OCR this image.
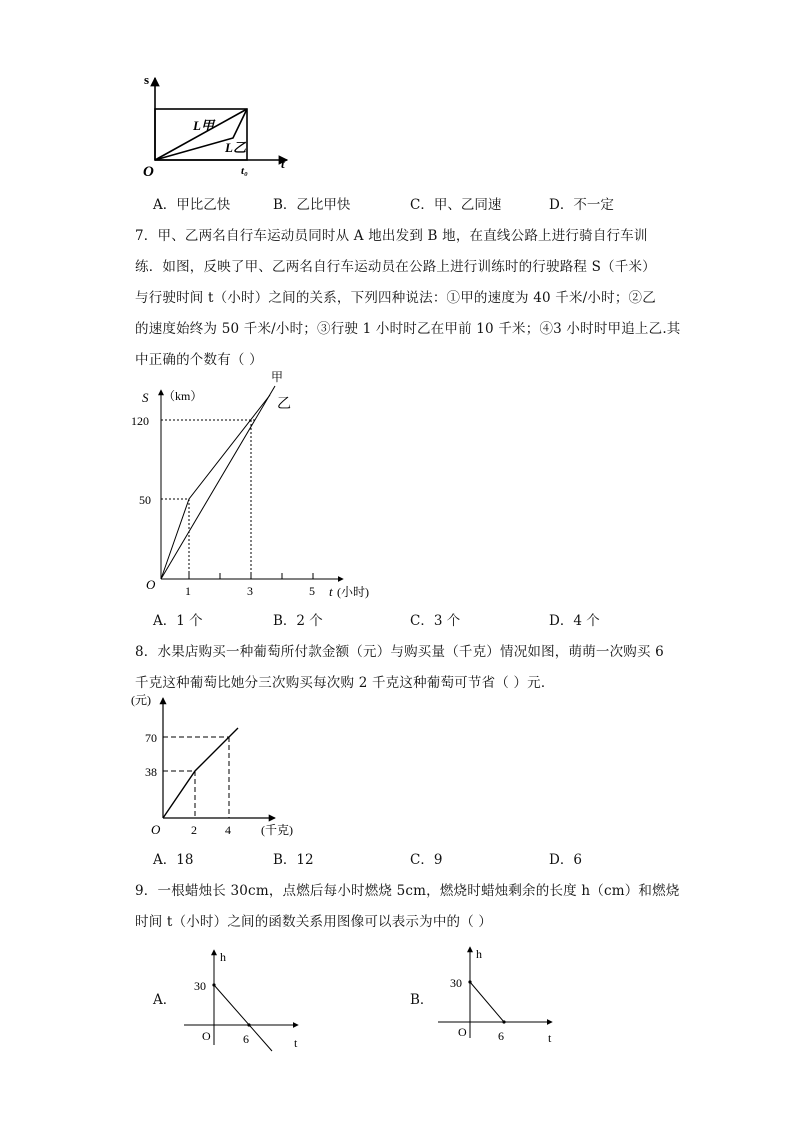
s
t
O
L甲
L乙
t₀
A．甲比乙快	B．乙比甲快	C．甲、乙同速	D．不一定
7．甲、乙两名自行车运动员同时从 A 地出发到 B 地，在直线公路上进行骑自行车训
练．如图，反映了甲、乙两名自行车运动员在公路上进行训练时的行驶路程 S（千米）
与行驶时间 t（小时）之间的关系，下列四种说法：①甲的速度为 40 千米/小时；②乙
的速度始终为 50 千米/小时；③行驶 1 小时时乙在甲前 10 千米；④3 小时时甲追上乙.其
中正确的个数有（ ）
S （km）
甲
乙
120
50
O 1	3	5 t (小时)
A．1 个	B．2 个	C．3 个	D．4 个
8．水果店购买一种葡萄所付款金额（元）与购买量（千克）情况如图，萌萌一次购买 6
千克这种葡萄比她分三次购买每次购 2 千克这种葡萄可节省（ ）元．
(元)
70
38
O	2 4	(千克)
A．18	B．12	C．9	D．6
9．一根蜡烛长 30cm，点燃后每小时燃烧 5cm，燃烧时蜡烛剩余的长度 h（cm）和燃烧
时间 t（小时）之间的函数关系用图像可以表示为中的（ ）
A．
h
30
O	6	t
B．
h
30
O	6	t
